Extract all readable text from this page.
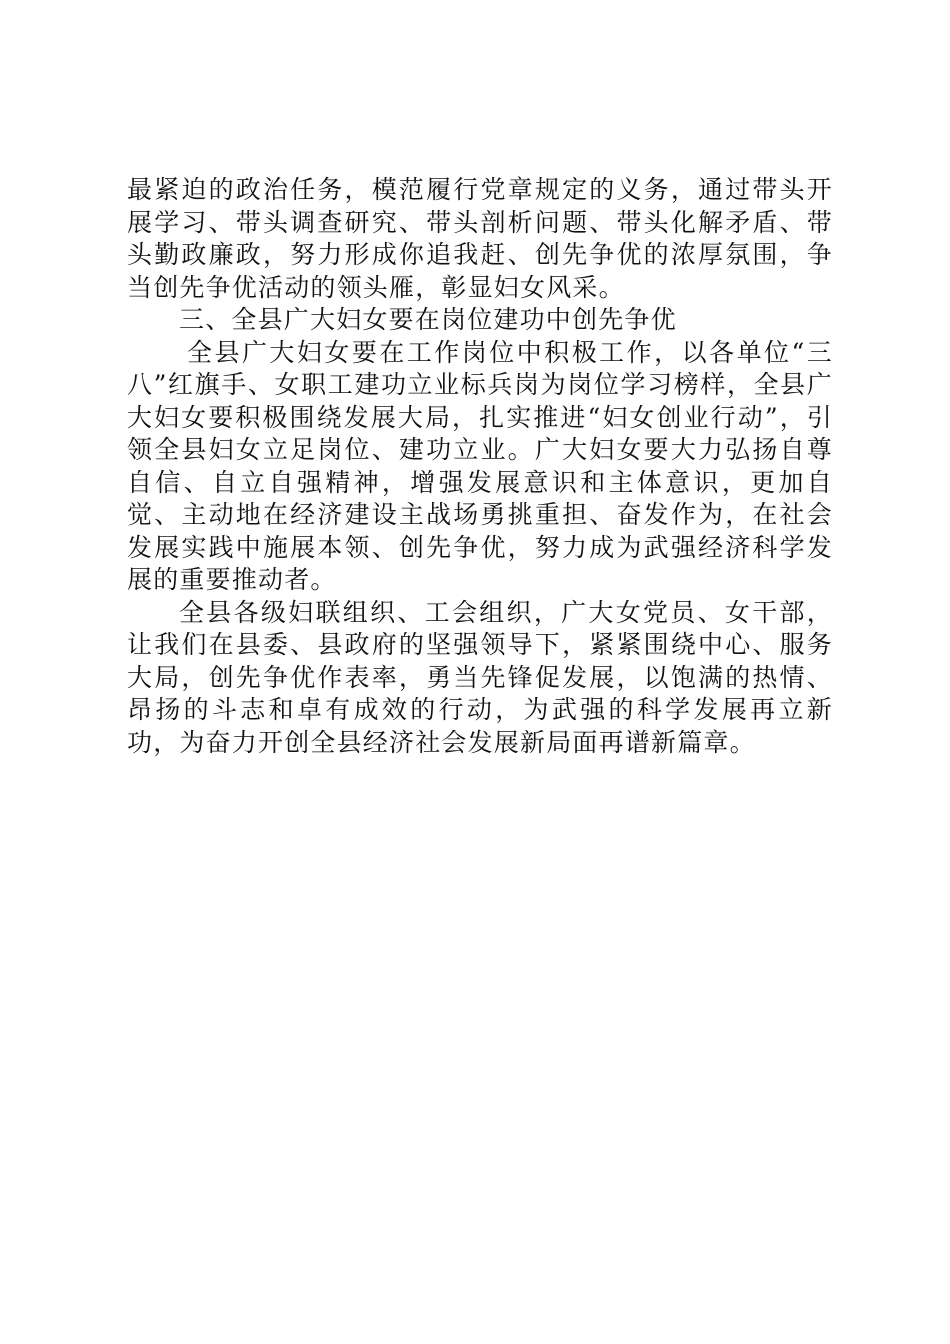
最紧迫的政治任务，模范履行党章规定的义务，通过带头开展学习、带头调查研究、带头剖析问题、带头化解矛盾、带头勤政廉政，努力形成你追我赶、创先争优的浓厚氛围，争当创先争优活动的领头雁，彰显妇女风采。

三、全县广大妇女要在岗位建功中创先争优

全县广大妇女要在工作岗位中积极工作，以各单位“三八”红旗手、女职工建功立业标兵岗为岗位学习榜样，全县广大妇女要积极围绕发展大局，扎实推进“妇女创业行动”，引领全县妇女立足岗位、建功立业。广大妇女要大力弘扬自尊自信、自立自强精神，增强发展意识和主体意识，更加自觉、主动地在经济建设主战场勇挑重担、奋发作为，在社会发展实践中施展本领、创先争优，努力成为武强经济科学发展的重要推动者。

全县各级妇联组织、工会组织，广大女党员、女干部，让我们在县委、县政府的坚强领导下，紧紧围绕中心、服务大局，创先争优作表率，勇当先锋促发展，以饱满的热情、昂扬的斗志和卓有成效的行动，为武强的科学发展再立新功，为奋力开创全县经济社会发展新局面再谱新篇章。
